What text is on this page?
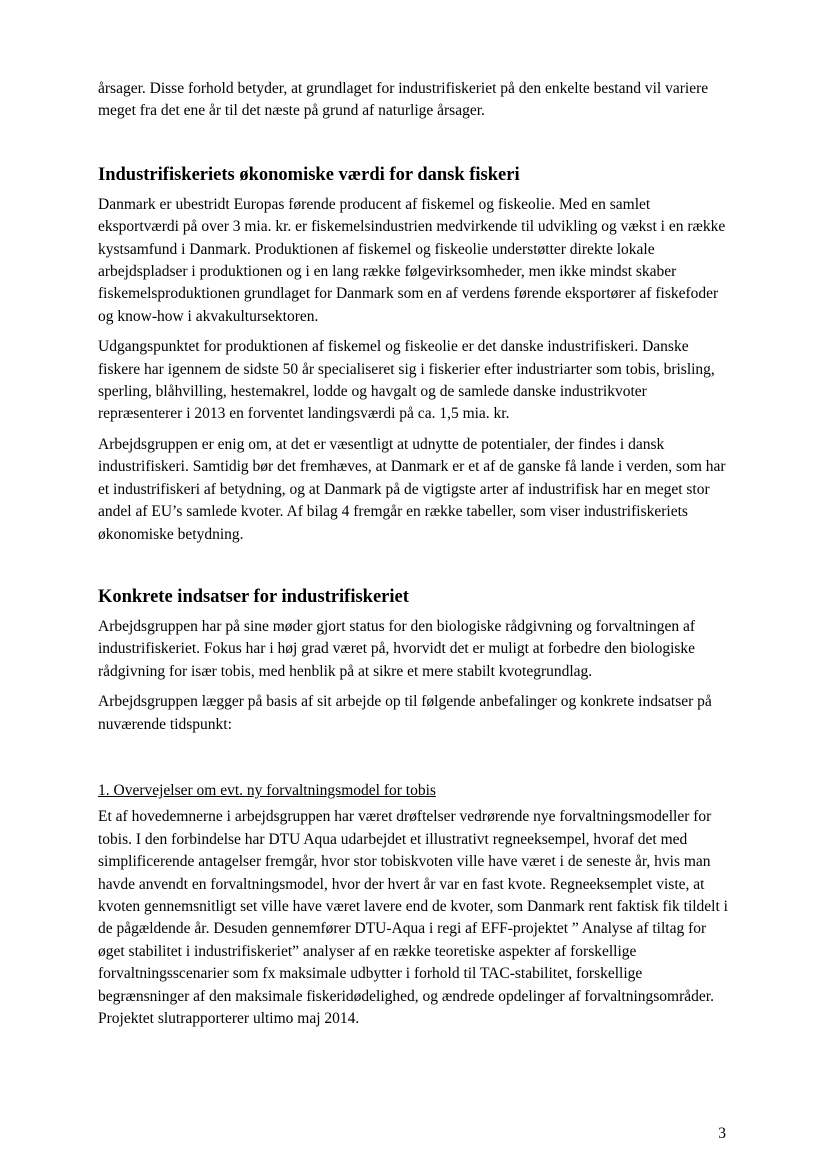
årsager. Disse forhold betyder, at grundlaget for industrifiskeriet på den enkelte bestand vil variere meget fra det ene år til det næste på grund af naturlige årsager.

Industrifiskeriets økonomiske værdi for dansk fiskeri

Danmark er ubestridt Europas førende producent af fiskemel og fiskeolie. Med en samlet eksportværdi på over 3 mia. kr. er fiskemelsindustrien medvirkende til udvikling og vækst i en række kystsamfund i Danmark. Produktionen af fiskemel og fiskeolie understøtter direkte lokale arbejdspladser i produktionen og i en lang række følgevirksomheder, men ikke mindst skaber fiskemelsproduktionen grundlaget for Danmark som en af verdens førende eksportører af fiskefoder og know-how i akvakultursektoren.

Udgangspunktet for produktionen af fiskemel og fiskeolie er det danske industrifiskeri. Danske fiskere har igennem de sidste 50 år specialiseret sig i fiskerier efter industriarter som tobis, brisling, sperling, blåhvilling, hestemakrel, lodde og havgalt og de samlede danske industrikvoter repræsenterer i 2013 en forventet landingsværdi på ca. 1,5 mia. kr.

Arbejdsgruppen er enig om, at det er væsentligt at udnytte de potentialer, der findes i dansk industrifiskeri. Samtidig bør det fremhæves, at Danmark er et af de ganske få lande i verden, som har et industrifiskeri af betydning, og at Danmark på de vigtigste arter af industrifisk har en meget stor andel af EU’s samlede kvoter. Af bilag 4 fremgår en række tabeller, som viser industrifiskeriets økonomiske betydning.

Konkrete indsatser for industrifiskeriet

Arbejdsgruppen har på sine møder gjort status for den biologiske rådgivning og forvaltningen af industrifiskeriet. Fokus har i høj grad været på, hvorvidt det er muligt at forbedre den biologiske rådgivning for især tobis, med henblik på at sikre et mere stabilt kvotegrundlag.

Arbejdsgruppen lægger på basis af sit arbejde op til følgende anbefalinger og konkrete indsatser på nuværende tidspunkt:

1. Overvejelser om evt. ny forvaltningsmodel for tobis

Et af hovedemnerne i arbejdsgruppen har været drøftelser vedrørende nye forvaltningsmodeller for tobis. I den forbindelse har DTU Aqua udarbejdet et illustrativt regneeksempel, hvoraf det med simplificerende antagelser fremgår, hvor stor tobiskvoten ville have været i de seneste år, hvis man havde anvendt en forvaltningsmodel, hvor der hvert år var en fast kvote. Regneeksemplet viste, at kvoten gennemsnitligt set ville have været lavere end de kvoter, som Danmark rent faktisk fik tildelt i de pågældende år. Desuden gennemfører DTU-Aqua i regi af EFF-projektet ” Analyse af tiltag for øget stabilitet i industrifiskeriet” analyser af en række teoretiske aspekter af forskellige forvaltningsscenarier som fx maksimale udbytter i forhold til TAC-stabilitet, forskellige begrænsninger af den maksimale fiskeridødelighed, og ændrede opdelinger af forvaltningsområder. Projektet slutrapporterer ultimo maj 2014.

3
